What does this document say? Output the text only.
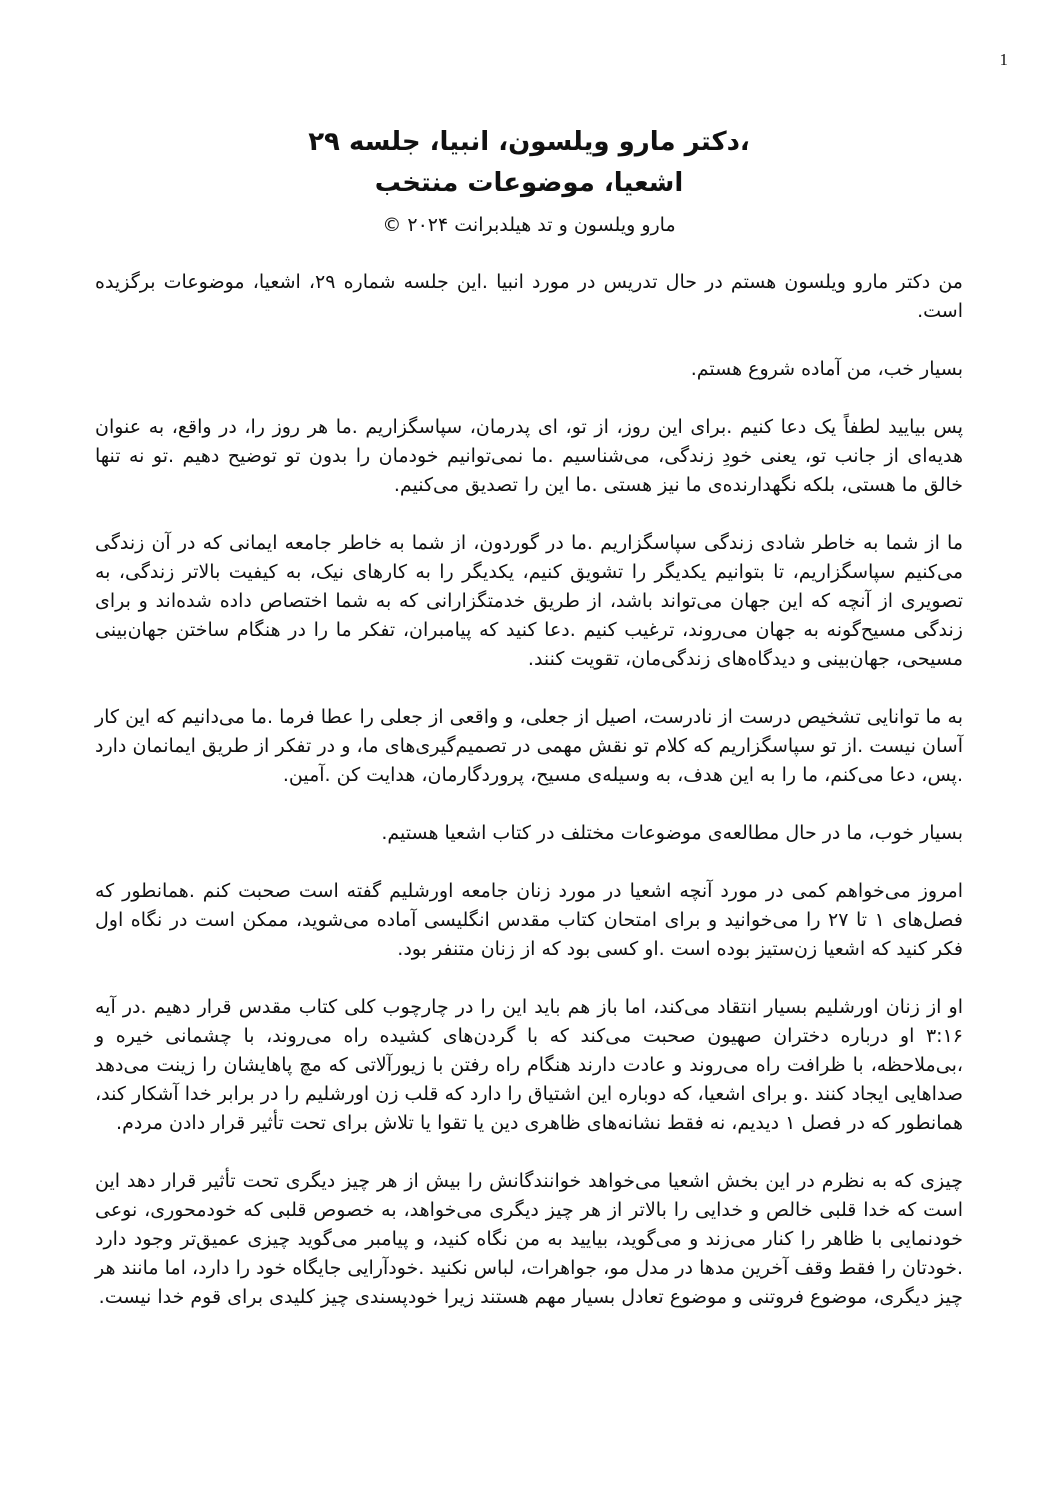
1
،دکتر مارو ویلسون، انبیا، جلسه ۲۹
اشعیا، موضوعات منتخب
مارو ویلسون و تد هیلدبرانت ۲۰۲۴ ©

من دکتر مارو ویلسون هستم در حال تدریس در مورد انبیا .این جلسه شماره ۲۹، اشعیا، موضوعات برگزیده است.

بسیار خب، من آماده شروع هستم.

پس بیایید لطفاً یک دعا کنیم .برای این روز، از تو، ای پدرمان، سپاسگزاریم .ما هر روز را، در واقع، به عنوان هدیه‌ای از جانب تو، یعنی خودِ زندگی، می‌شناسیم .ما نمی‌توانیم خودمان را بدون تو توضیح دهیم .تو نه تنها خالق ما هستی، بلکه نگهدارنده‌ی ما نیز هستی .ما این را تصدیق می‌کنیم.

ما از شما به خاطر شادی زندگی سپاسگزاریم .ما در گوردون، از شما به خاطر جامعه ایمانی که در آن زندگی می‌کنیم سپاسگزاریم، تا بتوانیم یکدیگر را تشویق کنیم، یکدیگر را به کارهای نیک، به کیفیت بالاتر زندگی، به تصویری از آنچه که این جهان می‌تواند باشد، از طریق خدمتگزارانی که به شما اختصاص داده شده‌اند و برای زندگی مسیح‌گونه به جهان می‌روند، ترغیب کنیم .دعا کنید که پیامبران، تفکر ما را در هنگام ساختن جهان‌بینی مسیحی، جهان‌بینی و دیدگاه‌های زندگی‌مان، تقویت کنند.

به ما توانایی تشخیص درست از نادرست، اصیل از جعلی، و واقعی از جعلی را عطا فرما .ما می‌دانیم که این کار آسان نیست .از تو سپاسگزاریم که کلام تو نقش مهمی در تصمیم‌گیری‌های ما، و در تفکر از طریق ایمانمان دارد .پس، دعا می‌کنم، ما را به این هدف، به وسیله‌ی مسیح، پروردگارمان، هدایت کن .آمین.

بسیار خوب، ما در حال مطالعه‌ی موضوعات مختلف در کتاب اشعیا هستیم.

امروز می‌خواهم کمی در مورد آنچه اشعیا در مورد زنان جامعه اورشلیم گفته است صحبت کنم .همانطور که فصل‌های ۱ تا ۲۷ را می‌خوانید و برای امتحان کتاب مقدس انگلیسی آماده می‌شوید، ممکن است در نگاه اول فکر کنید که اشعیا زن‌ستیز بوده است .او کسی بود که از زنان متنفر بود.

او از زنان اورشلیم بسیار انتقاد می‌کند، اما باز هم باید این را در چارچوب کلی کتاب مقدس قرار دهیم .در آیه ۳:۱۶ او درباره دختران صهیون صحبت می‌کند که با گردن‌های کشیده راه می‌روند، با چشمانی خیره و ،بی‌ملاحظه، با ظرافت راه می‌روند و عادت دارند هنگام راه رفتن با زیورآلاتی که مچ پاهایشان را زینت می‌دهد صداهایی ایجاد کنند .و برای اشعیا، که دوباره این اشتیاق را دارد که قلب زن اورشلیم را در برابر خدا آشکار کند، همانطور که در فصل ۱ دیدیم، نه فقط نشانه‌های ظاهری دین یا تقوا یا تلاش برای تحت تأثیر قرار دادن مردم.

چیزی که به نظرم در این بخش اشعیا می‌خواهد خوانندگانش را بیش از هر چیز دیگری تحت تأثیر قرار دهد این است که خدا قلبی خالص و خدایی را بالاتر از هر چیز دیگری می‌خواهد، به خصوص قلبی که خودمحوری، نوعی خودنمایی با ظاهر را کنار می‌زند و می‌گوید، بیایید به من نگاه کنید، و پیامبر می‌گوید چیزی عمیق‌تر وجود دارد .خودتان را فقط وقف آخرین مدها در مدل مو، جواهرات، لباس نکنید .خودآرایی جایگاه خود را دارد، اما مانند هر چیز دیگری، موضوع فروتنی و موضوع تعادل بسیار مهم هستند زیرا خودپسندی چیز کلیدی برای قوم خدا نیست.
